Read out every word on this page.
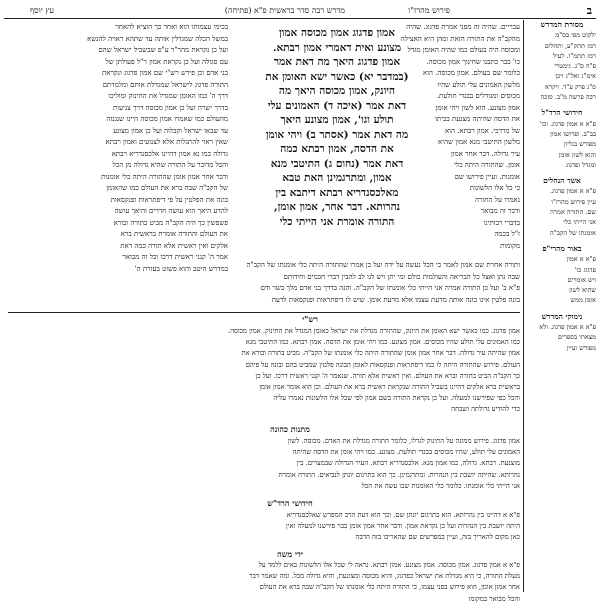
ב
פירוש מהרז"ו
מדרש רבה סדר בראשית פ"א (פתיחה)
עץ יוסף
מסורת המדרש
ילקוט מפי בס"מ
רמז תתק"ע, ותהלים
רמז תתמ"ו. לעיל
פ"ה ס"ג. גימטרי
אימ"ג ואל"ג ויכן
ס"ג פרק ע"ד. ויקרא
רבה פרשה מ"ב. סוכה
חידושי הרד"ל
פ"א א אמון פדגוג. וכו'
בב"ב. ופרושו אמון
מפורש בגליון
והוא לשון אומן
ומגדל ופדגוג
אשד הנחלים
פ"א א אמון פדגוג.
עיין פירוש מהרז"ו
שם. התורה אמרה
אני הייתי כלי
אומנתו של הקב"ה
באור מהרי"פ
פ"א א אמון
פדגוג כו'
ויש אומרים
שהוא לשון
אומן ממש
נימוקי המדרש
פ"א א אמון פדגוג. ולא
מצאתי בספרים
מפורש ועיין
עבריים. שהיה זה מפני אמרת פדגוג. שהיה
מהקב"ה את התורה הזאת ומהן היא האצילה
ומכוסה היה בעולם כמו שהיה האומן מגדל
כו' כבר כתבנו שחינוך אמון מכוסה.
כלומר שם בעולם. אמון מכוסה. הוא
מלשון האמונים עלי תולע שהיו
מכוסים ומגודלים בבגדי תולעת.
אמון מצונע. הוא לשון ויהי אומן
את הדסה שהיתה מצנעת בביתו
של מרדכי. אמון רבתא. הוא
מלשון התיטבי מנא אמון שהיא
עיר גדולה. דבר אחר אמון
אומן. שהתורה היתה כלי
אומנות. ועיין פירושו שם
כי כל אלו הלשונות
נאמרו על התורה
ודבר זה מבואר
בדברי רבותינו
ז"ל בכמה
מקומות
אמון פדגוג אמון מכוסה אמון
מצונע ואית דאמרי אמון רבתא.
אמון פדגוג היאך מה דאת אמר
(במדבר יא) כאשר ישא האומן את
היונק, אמון מכוסה היאך מה
דאת אמר (איכה ד) האמונים עלי
תולע וגו', אמון מצונע היאך
מה דאת אמר (אסתר ב) ויהי אומן
את הדסה, אמון רבתא כמה
דאת אמר (נחום ג) התיטבי מנא
אמון, ומתרגמינן האת טבא
מאלכסנדריא רבתא דיתבא בין
נהרותא. דבר אחר, אמון אומן,
התורה אומרת אני הייתי כלי
בכימי עצמותו הוא ואחר כך הוציא להאחר
במשל הכלה שמגדלין אותה עד שתהא ראויה להנשא
ועל כן נקראת מהר"ר ע"פ שבשביל ישראל שהם
עם סגולה ועל כן נקראת אמון ר"ל פעולתן של
בני אדם וכן פירש רש"י שם אמון פדגוג ונקראת
התורה פדגוג לישראל שמגדלת אותם ומלמדתם
דרך ה' כמו האומן שמגדל את התינוק ומוליכו
בדרך ישרה ועל כן אמון מכוסה דרך צניעות
מהעולם כמו שאמרו אמון מכוסה היינו שנגנזה
עד שבאו ישראל וקבלוה ועל כן אמון מצונע
שאין ראוי להתגלות אלא לצנועים ואמון רבתא
גדולה כמו נא אמון דהיינו אלכסנדריא רבתא
והכל מדובר על התורה שהיא גדולה מן הכל
ודבר אחר אמון אומן שהתורה היתה כלי אומנות
של הקב"ה שבה ברא את העולם כמו שהאומן
בונה את הפלטין על פי דיפתראות ופנקסאות
להדע היאך הוא עושה חדרים והיאך עושה
פשפשין כך היה הקב"ה מביט בתורה ובורא
את העולם והתורה אומרת בראשית ברא
אלקים ואין ראשית אלא תורה כמה דאת
אמר ה' קנני ראשית דרכו וכל זה מבואר
במדרש היטב והוא פשוט בעזרת ה'	ותורה אחרת שם אמון לאמר כי הכל נעשה על ידה ועל כן אמרו שהתורה היתה כלי אומנתו של הקב"ה
שבה נתן ואצל כל הבריאה והעולמות כולם ומי יתן ויש לנו לב להבין דברי חכמים וחידותם
פ"א ב' ועל כן התורה אמרה אני הייתי כלי אומנתו של הקב"ה. והנה בדרך בני אדם מלך בשר ודם
בונה פלטין אינו בונה אותה מדעת עצמו אלא מדעת אומן. שיש לו דיפתראות ופנקסאות לדעת
רש"י
אמון פדגוג. כמו כאשר ישא האומן את היונק, שהתורה מגדלת את ישראל כאומן המגדל את התינוק. אמון מכוסה.
כמו האמונים עלי תולע שהיו מכוסים. אמון מצונע. כמו ויהי אומן את הדסה. אמון רבתא. כמו התיטבי מנא
אמון שהיתה עיר גדולה. דבר אחר אמון אומן שהתורה היתה כלי אומנתו של הקב"ה. מביט בתורה ובורא את
העולם. פירוש שהתורה היתה לו כמו דיפתראות ופנקסאות לאומן הבונה פלטין שמביט בהם ובונה על פיהם
כך הקב"ה הביט בתורה וברא את העולם. ואין ראשית אלא תורה. שנאמר ה' קנני ראשית דרכו. ועל כן
בראשית ברא אלקים דהיינו בשביל התורה שנקראת ראשית ברא את העולם. וכן הוא אומר אמון אומן
והכל כפי שפירשנו למעלה. ועל כן נקראת התורה בשם אמון לפי שכל אלו הלשונות נאמרו עליה
כדי להודיע גדולתה ושבחה
מתנות כהונה
אמון פדגוג. פירוש ממונה על התינוק לגדלו, כלומר התורה מגדלת את האדם. מכוסה. לשון
האמונים עלי תולע, שהיו מכוסים בבגדי תולעת. מצונע. כמו ויהי אומן את הדסה שהיתה
מוצנעת. רבתא. גדולה, כמו אמון מנא. אלכסנדריא רבתא. העיר הגדולה שבמצרים. בין
נהרותא. שהיתה יושבת בין הנהרות. ומתרגמינן. כך הוא בתרגום יונתן לנביאים. התורה אומרת
אני הייתי כלי אומנתו. כלומר כלי האומנות שבו עשה את הכל
חידושי הרד"ש
פ"א א דהיינו בין נהרותא. הוא בתרגום יונתן שם. וכך הוא דעת הרב המפרש שאלכסנדריא
היתה יושבת בין הנהרות ועל כן נקראת אמון. ודבר אחר אמון אומן כבר פירשנו למעלה ואין
כאן מקום להאריך בזה, ועיין במפרשים שם שהאריכו בזה הרבה
ידי משה
פ"א א אמון פדגוג. אמון מכוסה. אמון מצונע. אמון רבתא. נראה לי שכל אלו הלשונות באים ללמד על
מעלת התורה, כי היא מגדלת את ישראל כפדגוג, והיא מכוסה ומצונעת, והיא גדולה מכל. ומה שאמר דבר
אחר אמון אומן, הוא פירוש בפני עצמו, כי התורה היתה כלי אומנתו של הקב"ה שבה ברא את העולם
והכל מבואר במקומו
